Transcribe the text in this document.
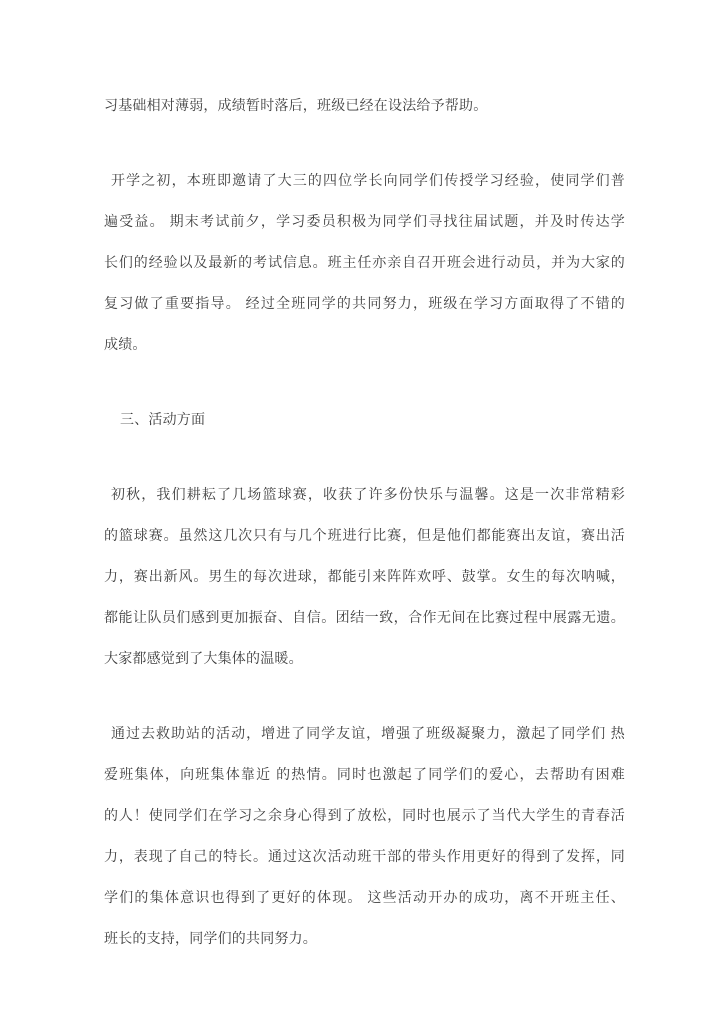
习基础相对薄弱，成绩暂时落后，班级已经在设法给予帮助。
开学之初，本班即邀请了大三的四位学长向同学们传授学习经验，使同学们普
遍受益。 期末考试前夕，学习委员积极为同学们寻找往届试题，并及时传达学
长们的经验以及最新的考试信息。班主任亦亲自召开班会进行动员，并为大家的
复习做了重要指导。 经过全班同学的共同努力，班级在学习方面取得了不错的
成绩。
三、活动方面
初秋，我们耕耘了几场篮球赛，收获了许多份快乐与温馨。这是一次非常精彩
的篮球赛。虽然这几次只有与几个班进行比赛，但是他们都能赛出友谊，赛出活
力，赛出新风。男生的每次进球，都能引来阵阵欢呼、鼓掌。女生的每次呐喊，
都能让队员们感到更加振奋、自信。团结一致，合作无间在比赛过程中展露无遗。
大家都感觉到了大集体的温暖。
通过去救助站的活动，增进了同学友谊，增强了班级凝聚力，激起了同学们 热
爱班集体，向班集体靠近 的热情。同时也激起了同学们的爱心，去帮助有困难
的人！使同学们在学习之余身心得到了放松，同时也展示了当代大学生的青春活
力，表现了自己的特长。通过这次活动班干部的带头作用更好的得到了发挥，同
学们的集体意识也得到了更好的体现。 这些活动开办的成功，离不开班主任、
班长的支持，同学们的共同努力。
